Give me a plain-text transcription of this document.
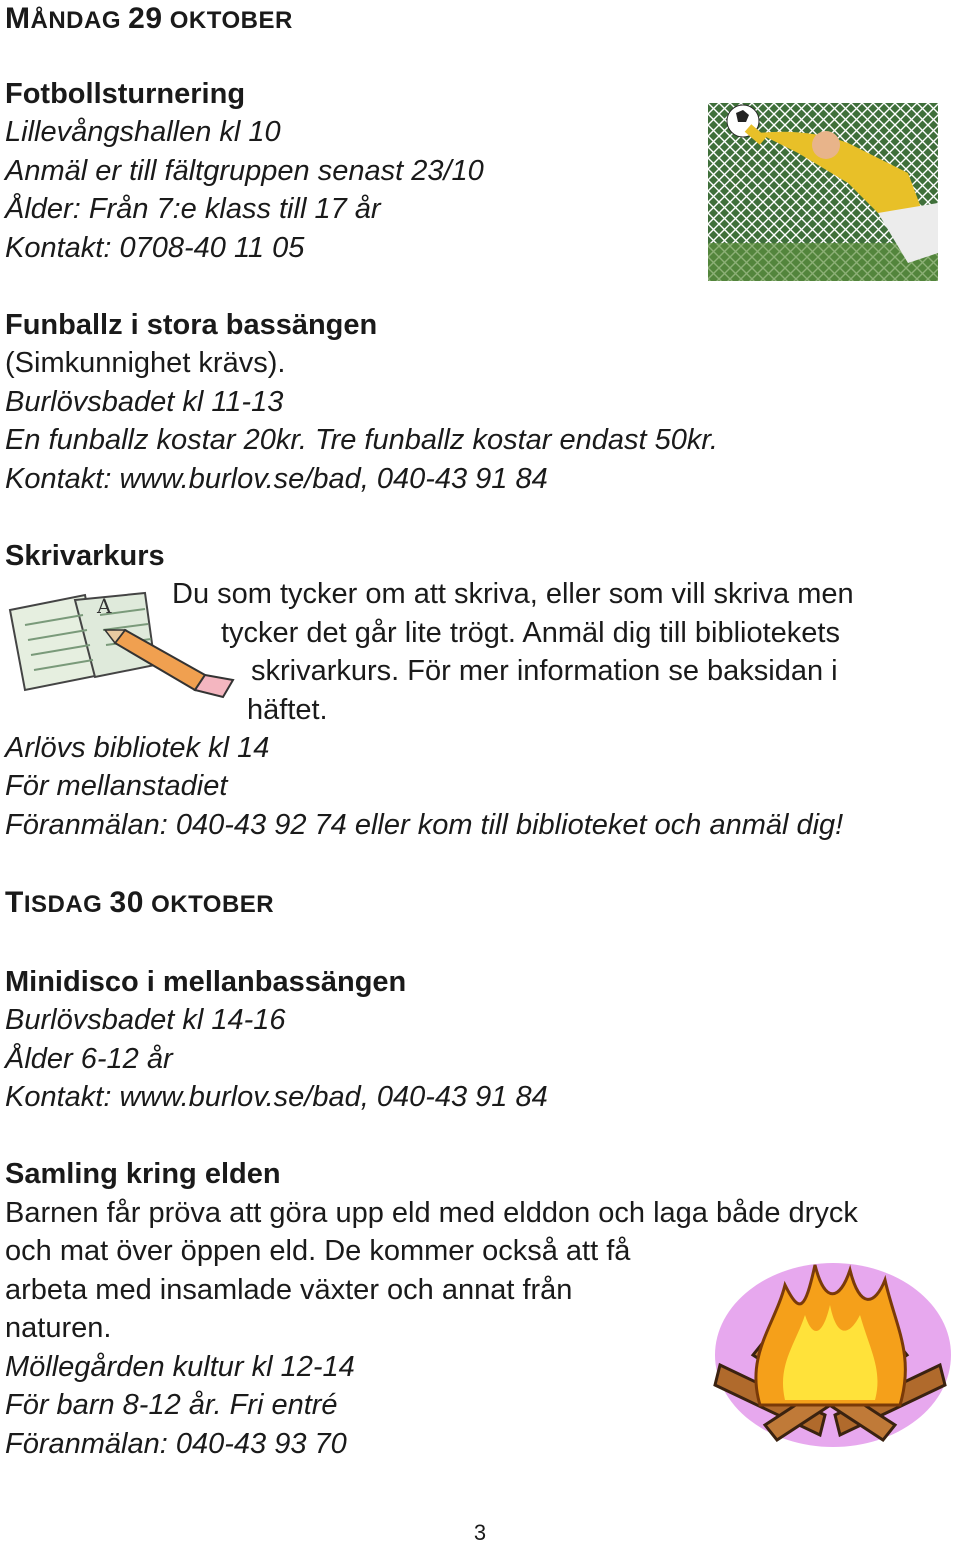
MÅNDAG 29 OKTOBER
Fotbollsturnering
Lillevångshallen kl 10
Anmäl er till fältgruppen senast 23/10
Ålder: Från 7:e klass till 17 år
Kontakt: 0708-40 11 05
Funballz i stora bassängen
(Simkunnighet krävs).
Burlövsbadet kl 11-13
En funballz kostar 20kr. Tre funballz kostar endast 50kr.
Kontakt: www.burlov.se/bad, 040-43 91 84
Skrivarkurs
Du som tycker om att skriva, eller som vill skriva men
tycker det går lite trögt. Anmäl dig till bibliotekets
skrivarkurs. För mer information se baksidan i
häftet.
A
Arlövs bibliotek kl 14
För mellanstadiet
Föranmälan: 040-43 92 74 eller kom till biblioteket och anmäl dig!
TISDAG 30 OKTOBER
Minidisco i mellanbassängen
Burlövsbadet kl 14-16
Ålder 6-12 år
Kontakt: www.burlov.se/bad, 040-43 91 84
Samling kring elden
Barnen får pröva att göra upp eld med elddon och laga både dryck
och mat över öppen eld. De kommer också att få
arbeta med insamlade växter och annat från
naturen.
Möllegården kultur kl 12-14
För barn 8-12 år. Fri entré
Föranmälan: 040-43 93 70
3
